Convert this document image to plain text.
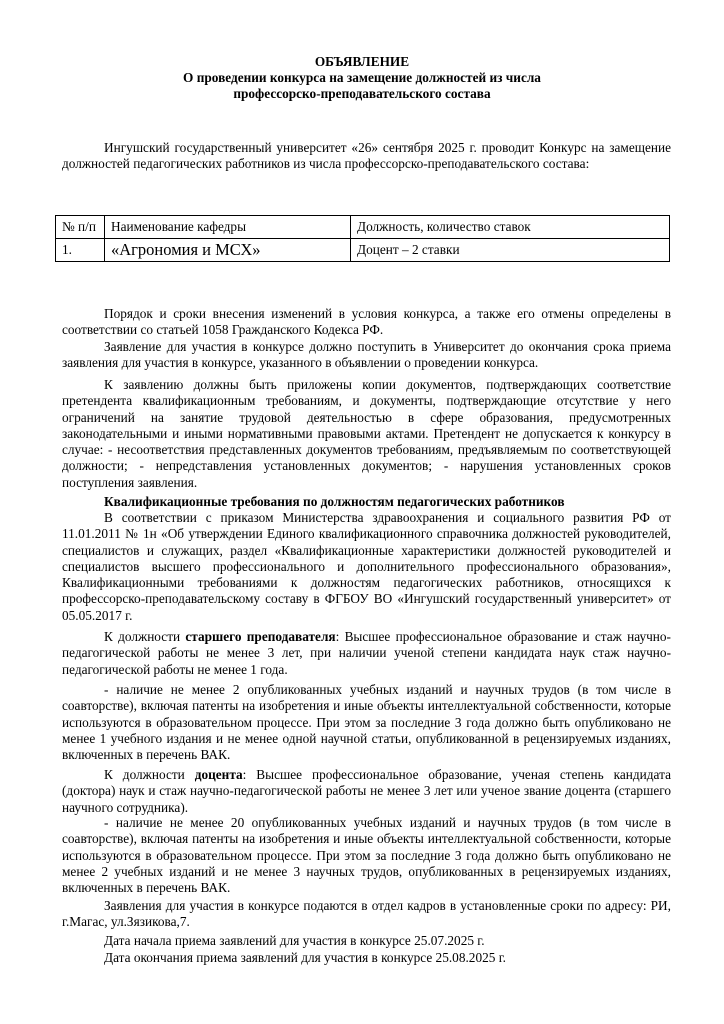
ОБЪЯВЛЕНИЕ
О проведении конкурса на замещение должностей из числа
профессорско-преподавательского состава

Ингушский государственный университет «26» сентября 2025 г. проводит Конкурс на замещение должностей педагогических работников из числа профессорско-преподавательского состава:

№ п/п	Наименование кафедры	Должность, количество ставок
1.	«Агрономия и МСХ»	Доцент – 2 ставки

Порядок и сроки внесения изменений в условия конкурса, а также его отмены определены в соответствии со статьей 1058 Гражданского Кодекса РФ.

Заявление для участия в конкурсе должно поступить в Университет до окончания срока приема заявления для участия в конкурсе, указанного в объявлении о проведении конкурса.

К заявлению должны быть приложены копии документов, подтверждающих соответствие претендента квалификационным требованиям, и документы, подтверждающие отсутствие у него ограничений на занятие трудовой деятельностью в сфере образования, предусмотренных законодательными и иными нормативными правовыми актами. Претендент не допускается к конкурсу в случае: - несоответствия представленных документов требованиям, предъявляемым по соответствующей должности; - непредставления установленных документов; - нарушения установленных сроков поступления заявления.

Квалификационные требования по должностям педагогических работников

В соответствии с приказом Министерства здравоохранения и социального развития РФ от 11.01.2011 № 1н «Об утверждении Единого квалификационного справочника должностей руководителей, специалистов и служащих, раздел «Квалификационные характеристики должностей руководителей и специалистов высшего профессионального и дополнительного профессионального образования», Квалификационными требованиями к должностям педагогических работников, относящихся к профессорско-преподавательскому составу в ФГБОУ ВО «Ингушский государственный университет» от 05.05.2017 г.

К должности старшего преподавателя: Высшее профессиональное образование и стаж научно-педагогической работы не менее 3 лет, при наличии ученой степени кандидата наук стаж научно-педагогической работы не менее 1 года.

- наличие не менее 2 опубликованных учебных изданий и научных трудов (в том числе в соавторстве), включая патенты на изобретения и иные объекты интеллектуальной собственности, которые используются в образовательном процессе. При этом за последние 3 года должно быть опубликовано не менее 1 учебного издания и не менее одной научной статьи, опубликованной в рецензируемых изданиях, включенных в перечень ВАК.

К должности доцента: Высшее профессиональное образование, ученая степень кандидата (доктора) наук и стаж научно-педагогической работы не менее 3 лет или ученое звание доцента (старшего научного сотрудника).

- наличие не менее 20 опубликованных учебных изданий и научных трудов (в том числе в соавторстве), включая патенты на изобретения и иные объекты интеллектуальной собственности, которые используются в образовательном процессе. При этом за последние 3 года должно быть опубликовано не менее 2 учебных изданий и не менее 3 научных трудов, опубликованных в рецензируемых изданиях, включенных в перечень ВАК.

Заявления для участия в конкурсе подаются в отдел кадров в установленные сроки по адресу: РИ, г.Магас, ул.Зязикова,7.

Дата начала приема заявлений для участия в конкурсе 25.07.2025 г.

Дата окончания приема заявлений для участия в конкурсе 25.08.2025 г.
